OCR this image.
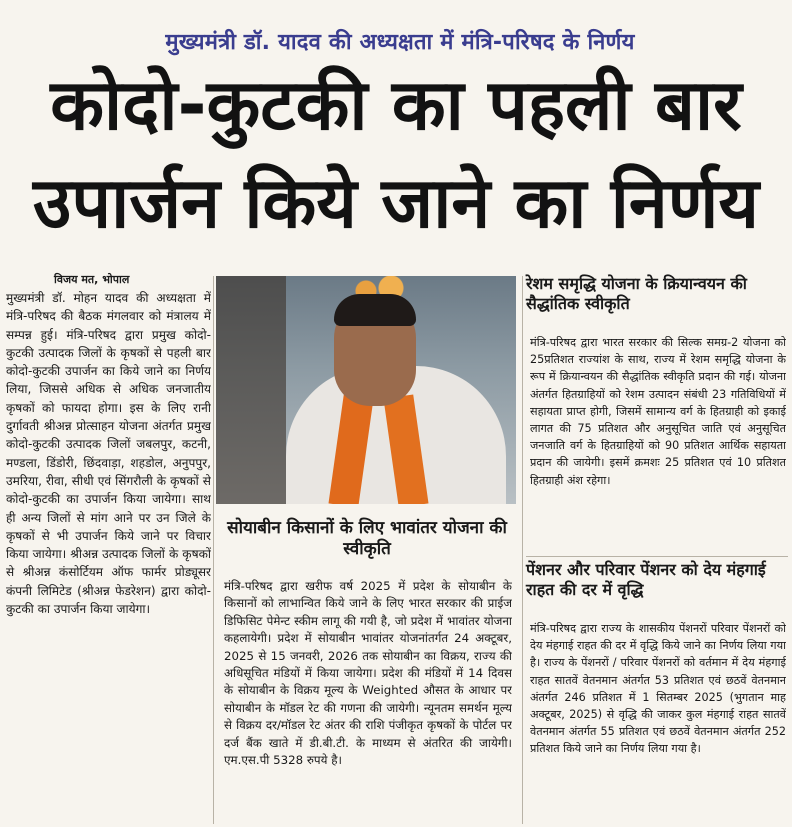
मुख्यमंत्री डॉ. यादव की अध्यक्षता में मंत्रि-परिषद के निर्णय
कोदो-कुटकी का पहली बार
उपार्जन किये जाने का निर्णय
विजय मत, भोपाल

मुख्यमंत्री डॉ. मोहन यादव की अध्यक्षता में मंत्रि-परिषद की बैठक मंगलवार को मंत्रालय में सम्पन्न हुई। मंत्रि-परिषद द्वारा प्रमुख कोदो-कुटकी उत्पादक जिलों के कृषकों से पहली बार कोदो-कुटकी उपार्जन का किये जाने का निर्णय लिया, जिससे अधिक से अधिक जनजातीय कृषकों को फायदा होगा। इस के लिए रानी दुर्गावती श्रीअन्न प्रोत्साहन योजना अंतर्गत प्रमुख कोदो-कुटकी उत्पादक जिलों जबलपुर, कटनी, मण्डला, डिंडोरी, छिंदवाड़ा, शहडोल, अनुपपुर, उमरिया, रीवा, सीधी एवं सिंगरौली के कृषकों से कोदो-कुटकी का उपार्जन किया जायेगा। साथ ही अन्य जिलों से मांग आने पर उन जिले के कृषकों से भी उपार्जन किये जाने पर विचार किया जायेगा। श्रीअन्न उत्पादक जिलों के कृषकों से श्रीअन्न कंसोर्टियम ऑफ फार्मर प्रोड्यूसर कंपनी लिमिटेड (श्रीअन्न फेडरेशन) द्वारा कोदो-कुटकी का उपार्जन किया जायेगा।

सोयाबीन किसानों के लिए भावांतर योजना की स्वीकृति

मंत्रि-परिषद द्वारा खरीफ वर्ष 2025 में प्रदेश के सोयाबीन के किसानों को लाभान्वित किये जाने के लिए भारत सरकार की प्राईज डिफिसिट पेमेन्ट स्कीम लागू की गयी है, जो प्रदेश में भावांतर योजना कहलायेगी। प्रदेश में सोयाबीन भावांतर योजनांतर्गत 24 अक्टूबर, 2025 से 15 जनवरी, 2026 तक सोयाबीन का विक्रय, राज्य की अधिसूचित मंडियों में किया जायेगा। प्रदेश की मंडियों में 14 दिवस के सोयाबीन के विक्रय मूल्य के Weighted औसत के आधार पर सोयाबीन के मॉडल रेट की गणना की जायेगी। न्यूनतम समर्थन मूल्य से विक्रय दर/मॉडल रेट अंतर की राशि पंजीकृत कृषकों के पोर्टल पर दर्ज बैंक खाते में डी.बी.टी. के माध्यम से अंतरित की जायेगी। एम.एस.पी 5328 रुपये है।

रेशम समृद्धि योजना के क्रियान्वयन की सैद्धांतिक स्वीकृति

मंत्रि-परिषद द्वारा भारत सरकार की सिल्क समग्र-2 योजना को 25प्रतिशत राज्यांश के साथ, राज्य में रेशम समृद्धि योजना के रूप में क्रियान्वयन की सैद्धांतिक स्वीकृति प्रदान की गई। योजना अंतर्गत हितग्राहियों को रेशम उत्पादन संबंधी 23 गतिविधियों में सहायता प्राप्त होगी, जिसमें सामान्य वर्ग के हितग्राही को इकाई लागत की 75 प्रतिशत और अनुसूचित जाति एवं अनुसूचित जनजाति वर्ग के हितग्राहियों को 90 प्रतिशत आर्थिक सहायता प्रदान की जायेगी। इसमें क्रमशः 25 प्रतिशत एवं 10 प्रतिशत हितग्राही अंश रहेगा।

पेंशनर और परिवार पेंशनर को देय मंहगाई राहत की दर में वृद्धि

मंत्रि-परिषद द्वारा राज्य के शासकीय पेंशनरों परिवार पेंशनरों को देय मंहगाई राहत की दर में वृद्धि किये जाने का निर्णय लिया गया है। राज्य के पेंशनरों / परिवार पेंशनरों को वर्तमान में देय मंहगाई राहत सातवें वेतनमान अंतर्गत 53 प्रतिशत एवं छठवें वेतनमान अंतर्गत 246 प्रतिशत में 1 सितम्बर 2025 (भुगतान माह अक्टूबर, 2025) से वृद्धि की जाकर कुल मंहगाई राहत सातवें वेतनमान अंतर्गत 55 प्रतिशत एवं छठवें वेतनमान अंतर्गत 252 प्रतिशत किये जाने का निर्णय लिया गया है।
